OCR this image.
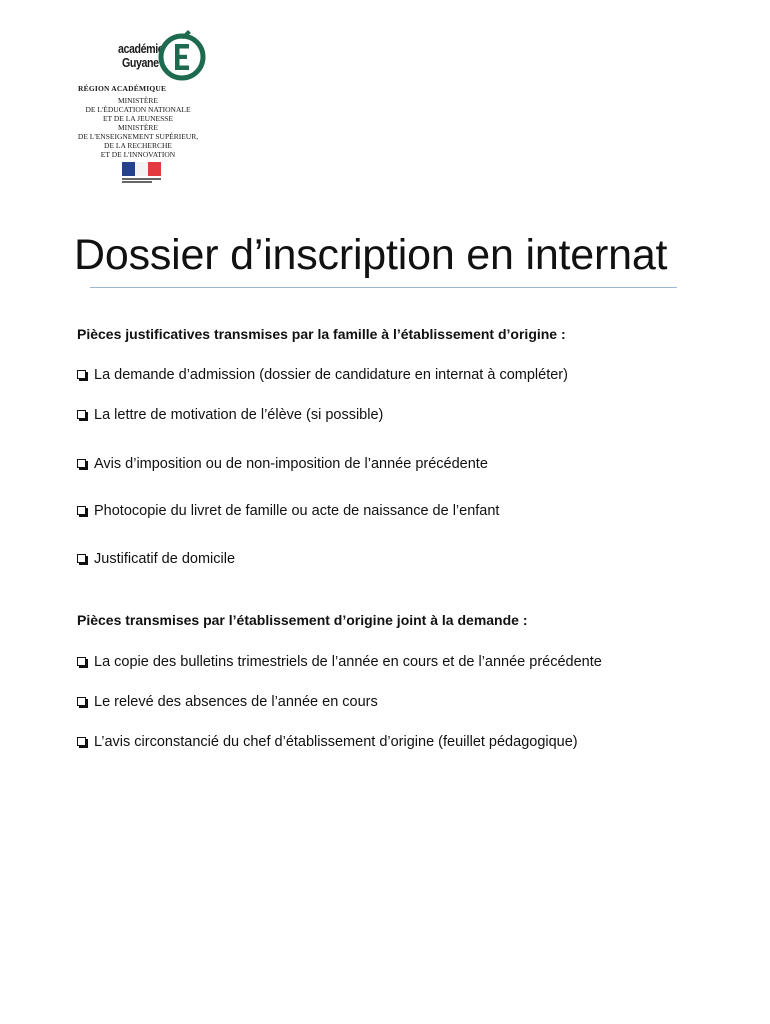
académie
Guyane
RÉGION ACADÉMIQUE
MINISTÈRE
DE L'ÉDUCATION NATIONALE
ET DE LA JEUNESSE
MINISTÈRE
DE L'ENSEIGNEMENT SUPÉRIEUR,
DE LA RECHERCHE
ET DE L'INNOVATION
Dossier d’inscription en internat
Pièces justificatives transmises par la famille à l’établissement d’origine :
La demande d’admission (dossier de candidature en internat à compléter)
La lettre de motivation de l’élève (si possible)
Avis d’imposition ou de non-imposition de l’année précédente
Photocopie du livret de famille ou acte de naissance de l’enfant
Justificatif de domicile
Pièces transmises par l’établissement d’origine joint à la demande :
La copie des bulletins trimestriels de l’année en cours et de l’année précédente
Le relevé des absences de l’année en cours
L’avis circonstancié du chef d’établissement d’origine (feuillet pédagogique)
